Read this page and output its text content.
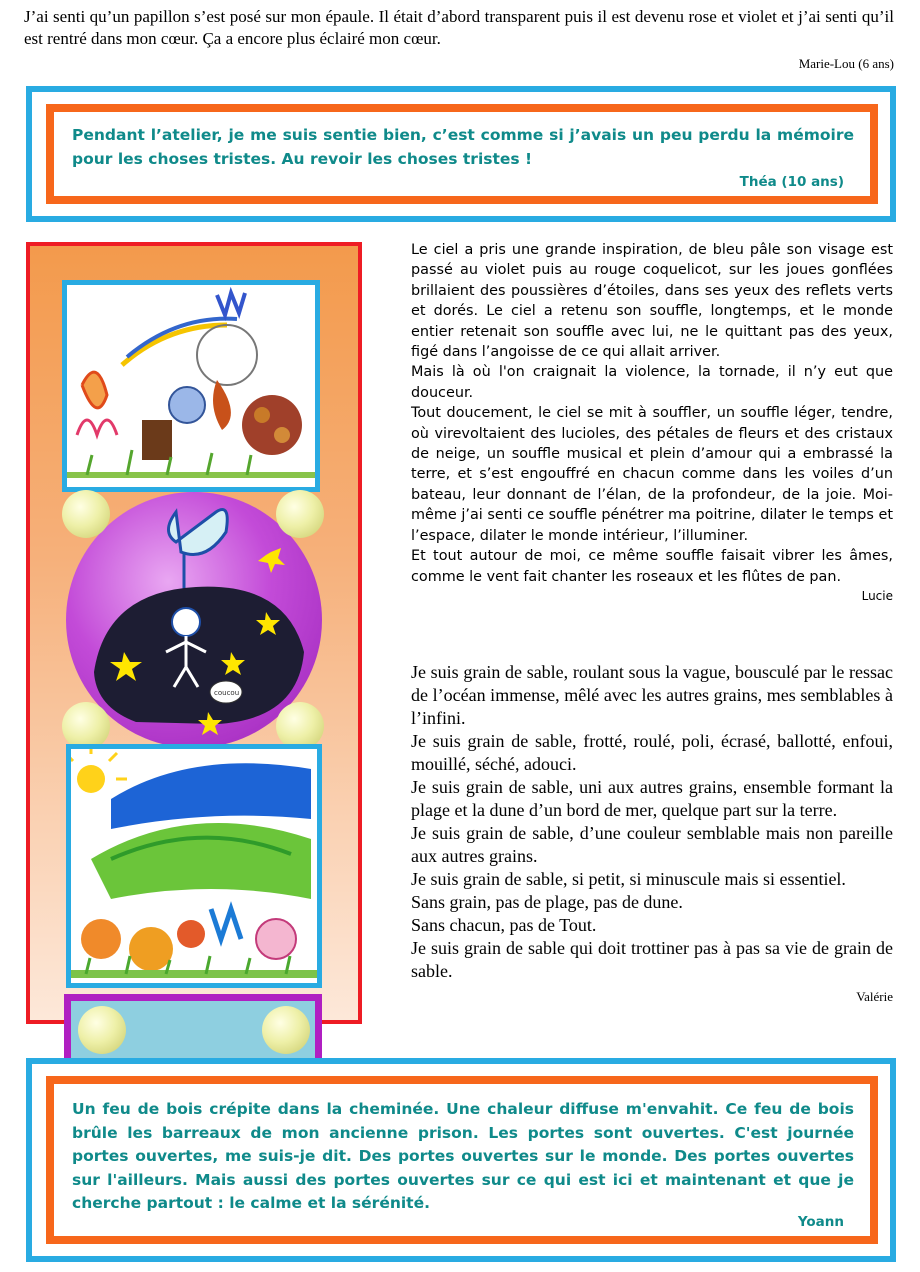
J’ai senti qu’un papillon s’est posé sur mon épaule. Il était d’abord transparent puis il est devenu rose et violet et j’ai senti qu’il est rentré dans mon cœur. Ça a encore plus éclairé mon cœur.

Marie-Lou (6 ans)

Pendant l’atelier, je me suis sentie bien, c’est comme si j’avais un peu perdu la mémoire pour les choses tristes. Au revoir les choses tristes !

Théa (10 ans)
coucou

Le ciel a pris une grande inspiration, de bleu pâle son visage est passé au violet puis au rouge coquelicot, sur les joues gonflées brillaient des poussières d’étoiles, dans ses yeux des reflets verts et dorés. Le ciel a retenu son souffle, longtemps, et le monde entier retenait son souffle avec lui, ne le quittant pas des yeux, figé dans l’angoisse de ce qui allait arriver.

Mais là où l'on craignait la violence, la tornade, il n’y eut que douceur.

Tout doucement, le ciel se mit à souffler, un souffle léger, tendre, où virevoltaient des lucioles, des pétales de fleurs et des cristaux de neige, un souffle musical et plein d’amour qui a embrassé la terre, et s’est engouffré en chacun comme dans les voiles d’un bateau, leur donnant de l’élan, de la profondeur, de la joie. Moi-même j’ai senti ce souffle pénétrer ma poitrine, dilater le temps et l’espace, dilater le monde intérieur, l’illuminer.

Et tout autour de moi, ce même souffle faisait vibrer les âmes, comme le vent fait chanter les roseaux et les flûtes de pan.

Lucie

Je suis grain de sable, roulant sous la vague, bousculé par le ressac de l’océan immense, mêlé avec les autres grains, mes semblables à l’infini.

Je suis grain de sable, frotté, roulé, poli, écrasé, ballotté, enfoui, mouillé, séché, adouci.

Je suis grain de sable, uni aux autres grains, ensemble formant la plage et la dune d’un bord de mer, quelque part sur la terre.

Je suis grain de sable, d’une couleur semblable mais non pareille aux autres grains.

Je suis grain de sable, si petit, si minuscule mais si essentiel.

Sans grain, pas de plage, pas de dune.

Sans chacun, pas de Tout.

Je suis grain de sable qui doit trottiner pas à pas sa vie de grain de sable.

Valérie

Un feu de bois crépite dans la cheminée. Une chaleur diffuse m'envahit. Ce feu de bois brûle les barreaux de mon ancienne prison. Les portes sont ouvertes. C'est journée portes ouvertes, me suis-je dit. Des portes ouvertes sur le monde. Des portes ouvertes sur l'ailleurs. Mais aussi des portes ouvertes sur ce qui est ici et maintenant et que je cherche partout : le calme et la sérénité.

Yoann
